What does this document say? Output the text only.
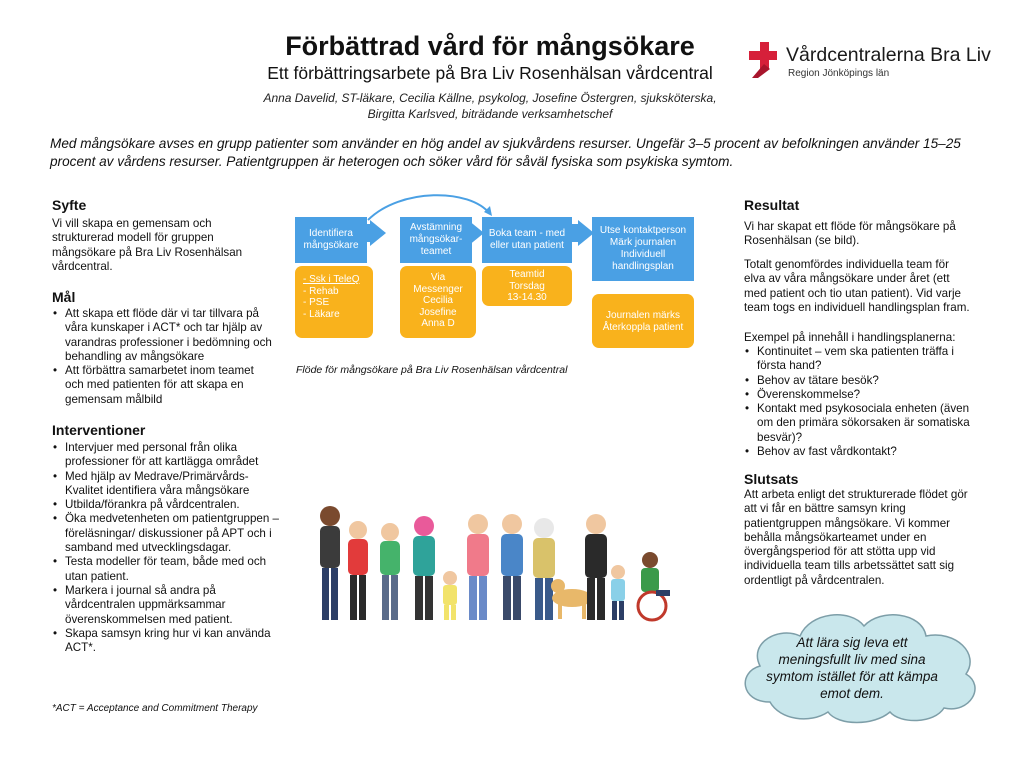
Förbättrad vård för mångsökare
Ett förbättringsarbete på Bra Liv Rosenhälsan vårdcentral
Anna Davelid, ST-läkare, Cecilia Källne, psykolog, Josefine Östergren, sjuksköterska,
Birgitta Karlsved, biträdande verksamhetschef
Vårdcentralerna Bra Liv
Region Jönköpings län
Med mångsökare avses en grupp patienter som använder en hög andel av sjukvårdens resurser. Ungefär 3–5 procent av befolkningen använder 15–25 procent av vårdens resurser. Patientgruppen är heterogen och söker vård för såväl fysiska som psykiska symtom.
Syfte
Vi vill skapa en gemensam och strukturerad modell för gruppen mångsökare på Bra Liv Rosenhälsan vårdcentral.
Mål
• Att skapa ett flöde där vi tar tillvara på våra kunskaper i ACT* och tar hjälp av varandras professioner i bedömning och behandling av mångsökare
• Att förbättra samarbetet inom teamet och med patienten för att skapa en gemensam målbild
Interventioner
• Intervjuer med personal från olika professioner för att kartlägga området
• Med hjälp av Medrave/Primärvårds-Kvalitet identifiera våra mångsökare
• Utbilda/förankra på vårdcentralen.
• Öka medvetenheten om patientgruppen – föreläsningar/ diskussioner på APT och i samband med utvecklingsdagar.
• Testa modeller för team, både med och utan patient.
• Markera i journal så andra på vårdcentralen uppmärksammar överenskommelsen med patient.
• Skapa samsyn kring hur vi kan använda ACT*.
*ACT = Acceptance and Commitment Therapy
Identifiera mångsökare
Avstämning mångsökar-teamet
Boka team - med eller utan patient
Utse kontaktperson Märk journalen Individuell handlingsplan
- Ssk i TeleQ
- Rehab
- PSE
- Läkare
Via
Messenger
Cecilia
Josefine
Anna D
Teamtid
Torsdag
13-14.30
Journalen märks
Återkoppla patient
Flöde för mångsökare på Bra Liv Rosenhälsan vårdcentral
Resultat
Vi har skapat ett flöde för mångsökare på Rosenhälsan (se bild).
Totalt genomfördes individuella team för elva av våra mångsökare under året (ett med patient och tio utan patient). Vid varje team togs en individuell handlingsplan fram.
Exempel på innehåll i handlingsplanerna:
• Kontinuitet – vem ska patienten träffa i första hand?
• Behov av tätare besök?
• Överenskommelse?
• Kontakt med psykosociala enheten (även om den primära sökorsaken är somatiska besvär)?
• Behov av fast vårdkontakt?
Slutsats
Att arbeta enligt det strukturerade flödet gör att vi får en bättre samsyn kring patientgruppen mångsökare. Vi kommer behålla mångsökarteamet under en övergångsperiod för att stötta upp vid individuella team tills arbetssättet satt sig ordentligt på vårdcentralen.
Att lära sig leva ett meningsfullt liv med sina symtom istället för att kämpa emot dem.
